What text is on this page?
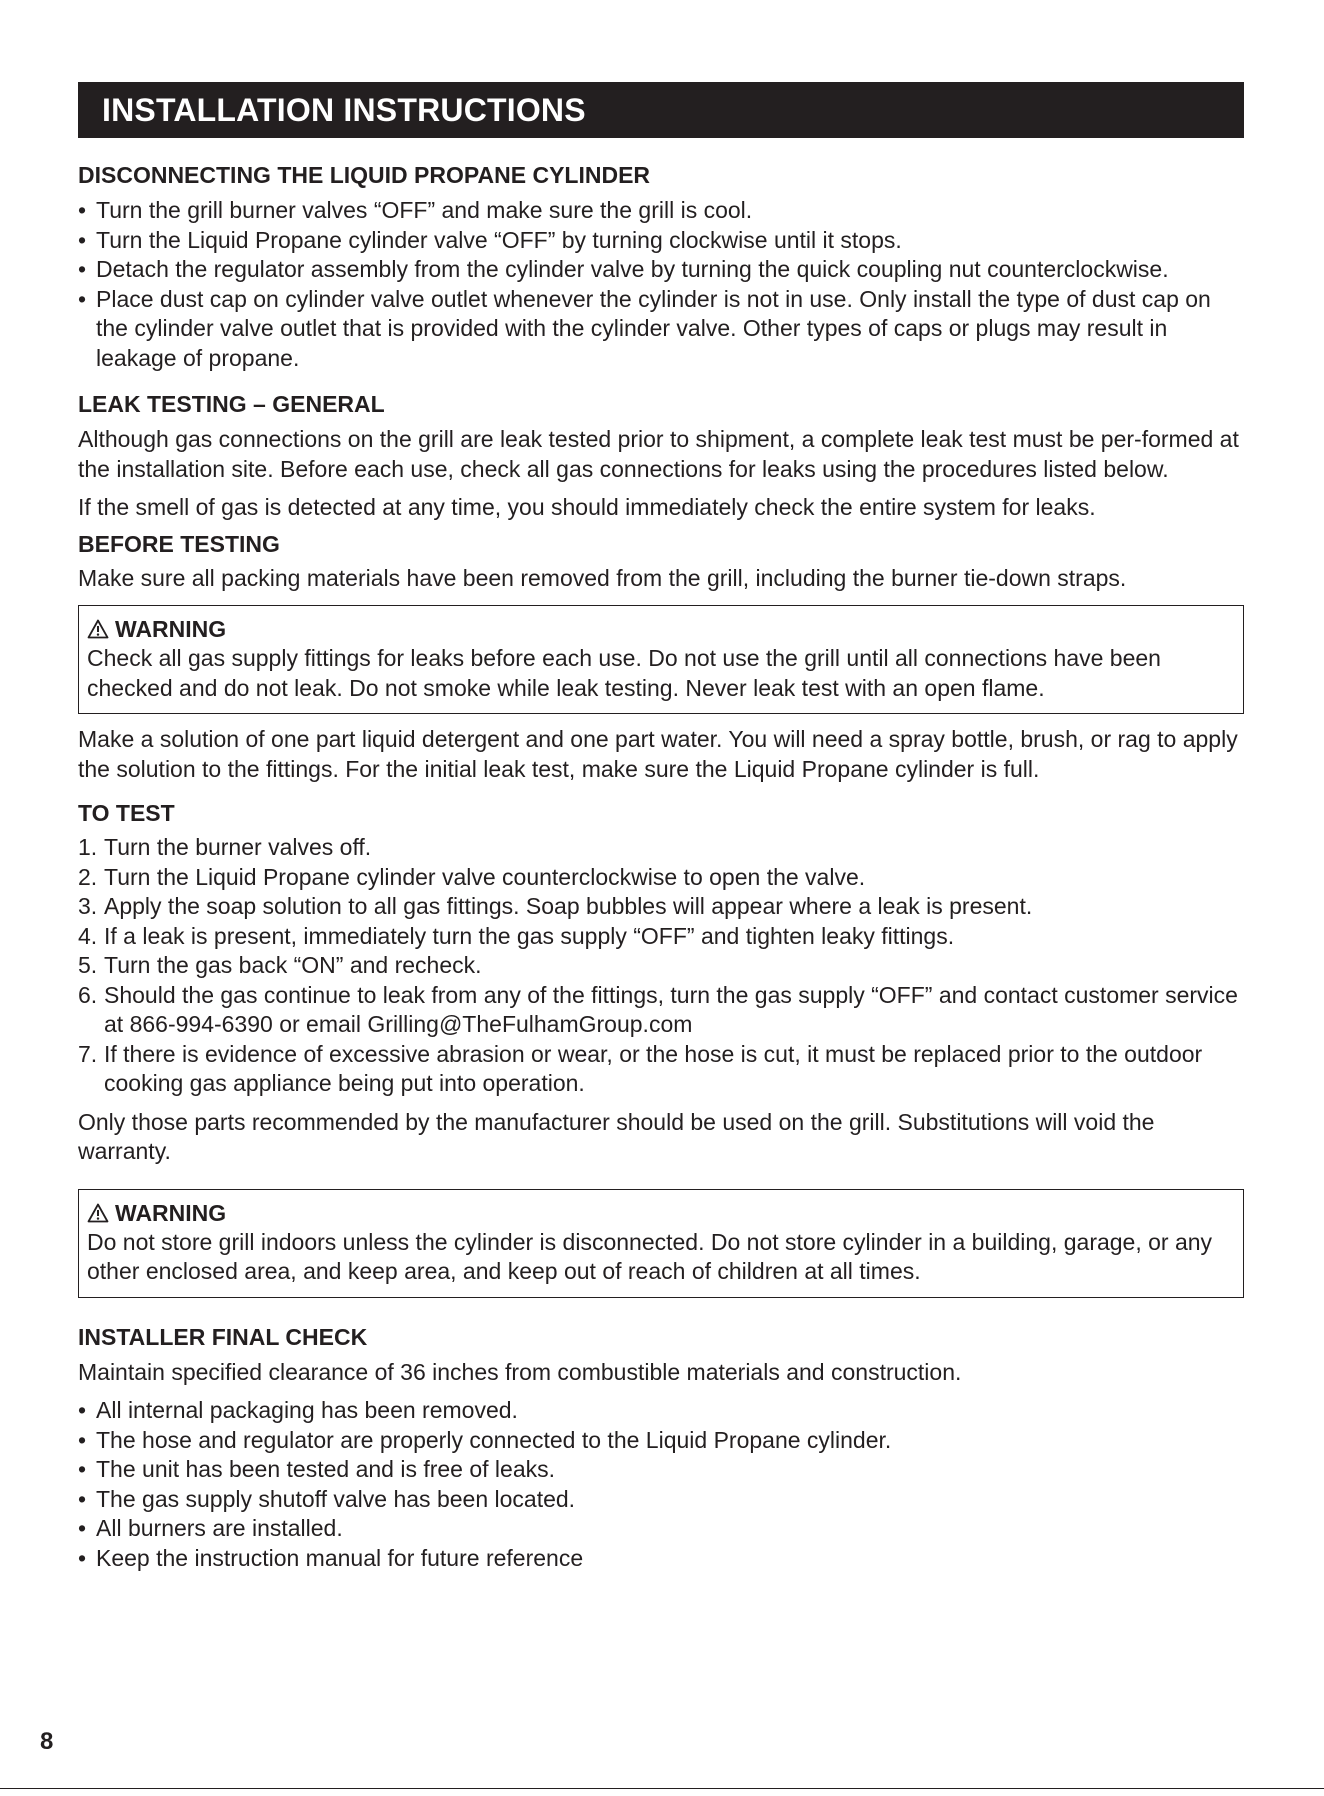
INSTALLATION INSTRUCTIONS
DISCONNECTING THE LIQUID PROPANE CYLINDER
• Turn the grill burner valves “OFF” and make sure the grill is cool.
• Turn the Liquid Propane cylinder valve “OFF” by turning clockwise until it stops.
• Detach the regulator assembly from the cylinder valve by turning the quick coupling nut counterclockwise.
• Place dust cap on cylinder valve outlet whenever the cylinder is not in use. Only install the type of dust cap on the cylinder valve outlet that is provided with the cylinder valve. Other types of caps or plugs may result in leakage of propane.
LEAK TESTING – GENERAL

Although gas connections on the grill are leak tested prior to shipment, a complete leak test must be per-formed at the installation site. Before each use, check all gas connections for leaks using the procedures listed below.

If the smell of gas is detected at any time, you should immediately check the entire system for leaks.

BEFORE TESTING

Make sure all packing materials have been removed from the grill, including the burner tie-down straps.

WARNING

Check all gas supply fittings for leaks before each use. Do not use the grill until all connections have been checked and do not leak. Do not smoke while leak testing. Never leak test with an open flame.

Make a solution of one part liquid detergent and one part water. You will need a spray bottle, brush, or rag to apply the solution to the fittings. For the initial leak test, make sure the Liquid Propane cylinder is full.

TO TEST
1. Turn the burner valves off.
2. Turn the Liquid Propane cylinder valve counterclockwise to open the valve.
3. Apply the soap solution to all gas fittings. Soap bubbles will appear where a leak is present.
4. If a leak is present, immediately turn the gas supply “OFF” and tighten leaky fittings.
5. Turn the gas back “ON” and recheck.
6. Should the gas continue to leak from any of the fittings, turn the gas supply “OFF” and contact customer service at 866-994-6390 or email Grilling@TheFulhamGroup.com
7. If there is evidence of excessive abrasion or wear, or the hose is cut, it must be replaced prior to the outdoor cooking gas appliance being put into operation.

Only those parts recommended by the manufacturer should be used on the grill. Substitutions will void the warranty.

WARNING

Do not store grill indoors unless the cylinder is disconnected. Do not store cylinder in a building, garage, or any other enclosed area, and keep area, and keep out of reach of children at all times.

INSTALLER FINAL CHECK

Maintain specified clearance of 36 inches from combustible materials and construction.

• All internal packaging has been removed.
• The hose and regulator are properly connected to the Liquid Propane cylinder.
• The unit has been tested and is free of leaks.
• The gas supply shutoff valve has been located.
• All burners are installed.
• Keep the instruction manual for future reference
8
